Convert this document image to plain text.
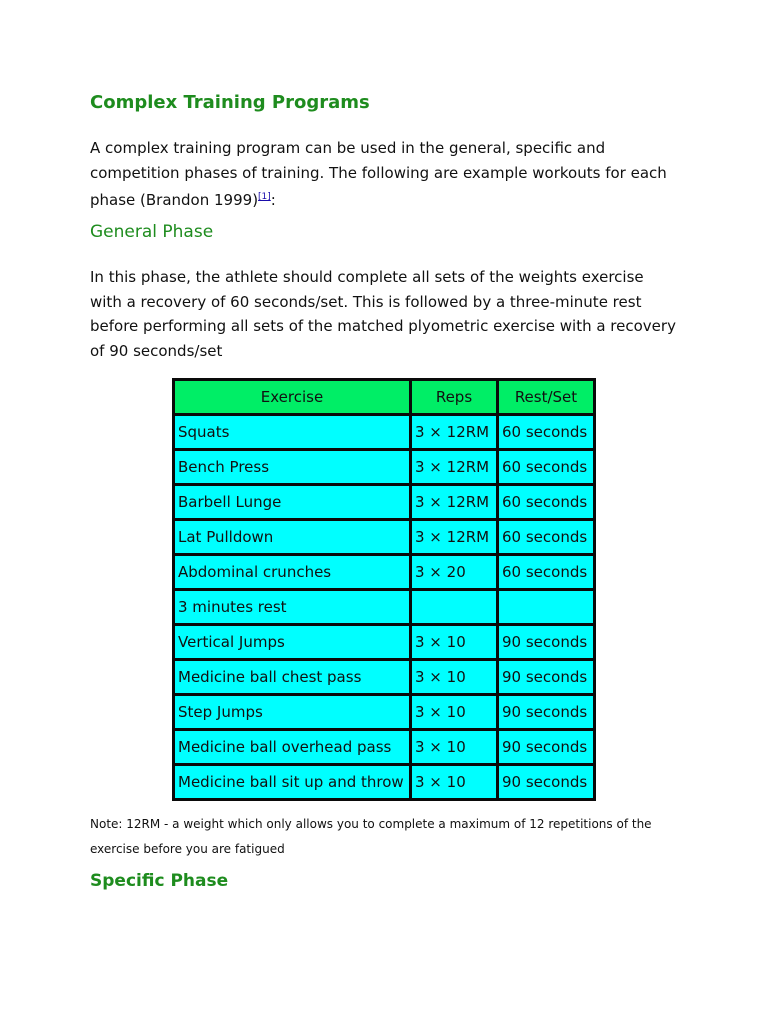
Complex Training Programs

A complex training program can be used in the general, specific and competition phases of training. The following are example workouts for each phase (Brandon 1999)[1]:

General Phase

In this phase, the athlete should complete all sets of the weights exercise with a recovery of 60 seconds/set. This is followed by a three-minute rest before performing all sets of the matched plyometric exercise with a recovery of 90 seconds/set

Exercise	Reps	Rest/Set
Squats	3 × 12RM	60 seconds
Bench Press	3 × 12RM	60 seconds
Barbell Lunge	3 × 12RM	60 seconds
Lat Pulldown	3 × 12RM	60 seconds
Abdominal crunches	3 × 20	60 seconds
3 minutes rest		
Vertical Jumps	3 × 10	90 seconds
Medicine ball chest pass	3 × 10	90 seconds
Step Jumps	3 × 10	90 seconds
Medicine ball overhead pass	3 × 10	90 seconds
Medicine ball sit up and throw	3 × 10	90 seconds

Note: 12RM - a weight which only allows you to complete a maximum of 12 repetitions of the exercise before you are fatigued

Specific Phase
